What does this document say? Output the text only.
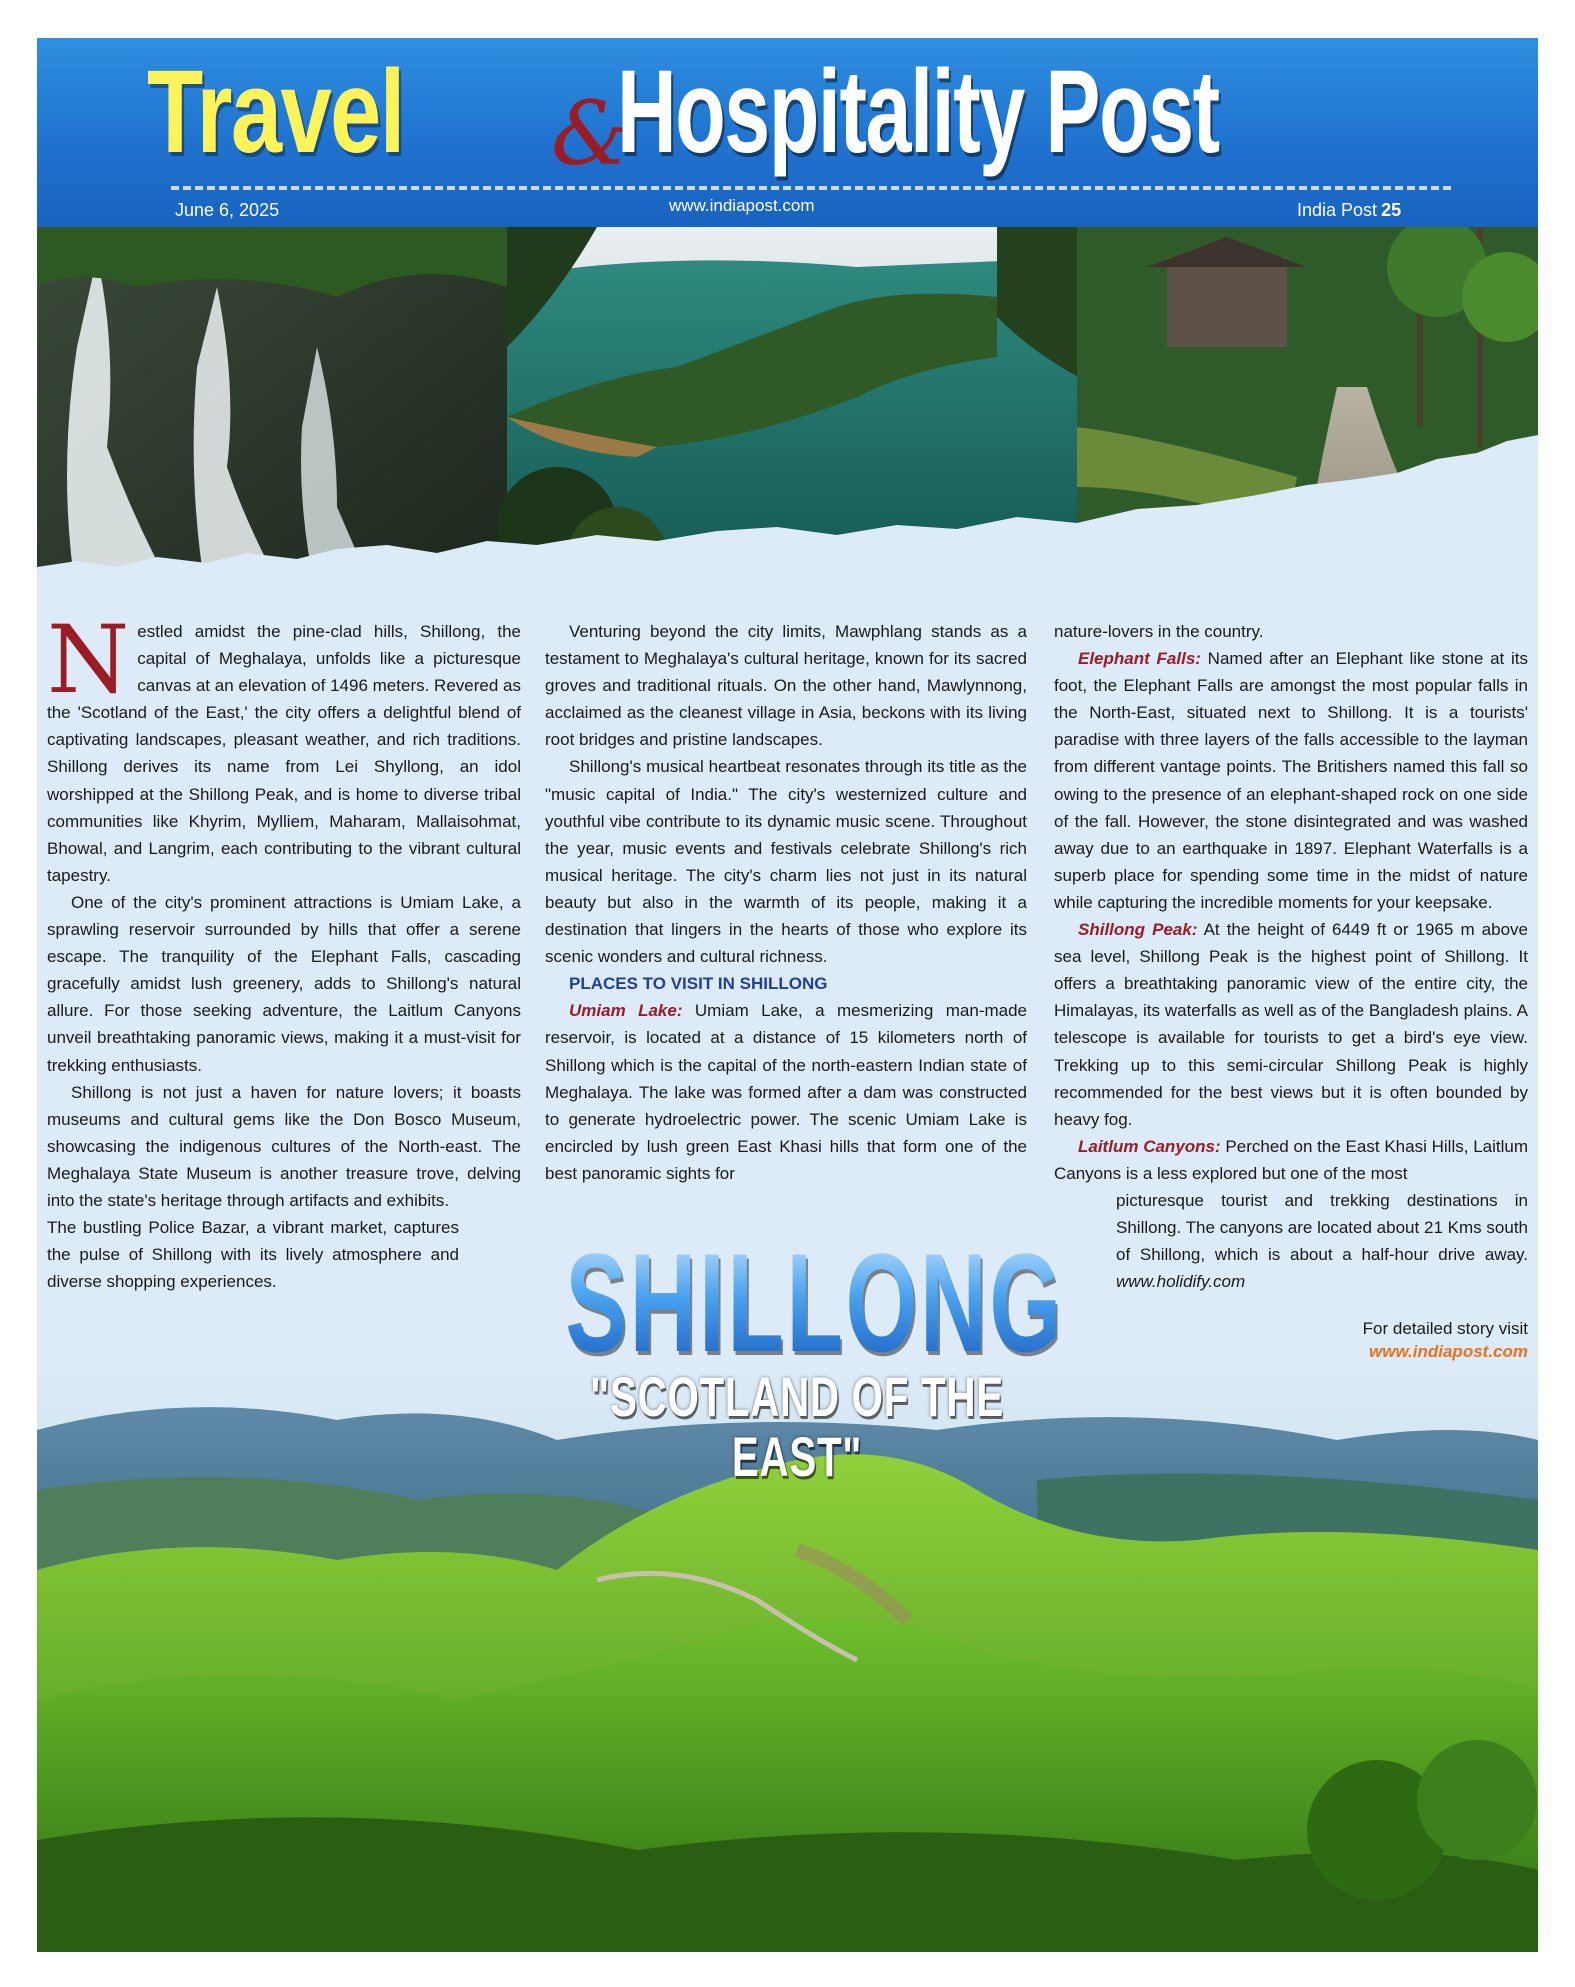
Travel &
Hospitality Post
June 6, 2025	www.indiapost.com	India Post 25

Nestled amidst the pine-clad hills, Shillong, the capital of Meghalaya, unfolds like a picturesque canvas at an elevation of 1496 meters. Revered as the 'Scotland of the East,' the city offers a delightful blend of captivating landscapes, pleasant weather, and rich traditions. Shillong derives its name from Lei Shyllong, an idol worshipped at the Shillong Peak, and is home to diverse tribal communities like Khyrim, Mylliem, Maharam, Mallaisohmat, Bhowal, and Langrim, each contributing to the vibrant cultural tapestry.

One of the city's prominent attractions is Umiam Lake, a sprawling reservoir surrounded by hills that offer a serene escape. The tranquility of the Elephant Falls, cascading gracefully amidst lush greenery, adds to Shillong's natural allure. For those seeking adventure, the Laitlum Canyons unveil breathtaking panoramic views, making it a must-visit for trekking enthusiasts.

Shillong is not just a haven for nature lovers; it boasts museums and cultural gems like the Don Bosco Museum, showcasing the indigenous cultures of the North-east. The Meghalaya State Museum is another treasure trove, delving into the state's heritage through artifacts and exhibits.

The bustling Police Bazar, a vibrant market, captures the pulse of Shillong with its lively atmosphere and diverse shopping experiences.

Venturing beyond the city limits, Mawphlang stands as a testament to Meghalaya's cultural heritage, known for its sacred groves and traditional rituals. On the other hand, Mawlynnong, acclaimed as the cleanest village in Asia, beckons with its living root bridges and pristine landscapes.

Shillong's musical heartbeat resonates through its title as the "music capital of India." The city's westernized culture and youthful vibe contribute to its dynamic music scene. Throughout the year, music events and festivals celebrate Shillong's rich musical heritage. The city's charm lies not just in its natural beauty but also in the warmth of its people, making it a destination that lingers in the hearts of those who explore its scenic wonders and cultural richness.

PLACES TO VISIT IN SHILLONG

Umiam Lake: Umiam Lake, a mesmerizing man-made reservoir, is located at a distance of 15 kilometers north of Shillong which is the capital of the north-eastern Indian state of Meghalaya. The lake was formed after a dam was constructed to generate hydroelectric power. The scenic Umiam Lake is encircled by lush green East Khasi hills that form one of the best panoramic sights for

nature-lovers in the country.

Elephant Falls: Named after an Elephant like stone at its foot, the Elephant Falls are amongst the most popular falls in the North-East, situated next to Shillong. It is a tourists' paradise with three layers of the falls accessible to the layman from different vantage points. The Britishers named this fall so owing to the presence of an elephant-shaped rock on one side of the fall. However, the stone disintegrated and was washed away due to an earthquake in 1897. Elephant Waterfalls is a superb place for spending some time in the midst of nature while capturing the incredible moments for your keepsake.

Shillong Peak: At the height of 6449 ft or 1965 m above sea level, Shillong Peak is the highest point of Shillong. It offers a breathtaking panoramic view of the entire city, the Himalayas, its waterfalls as well as of the Bangladesh plains. A telescope is available for tourists to get a bird's eye view. Trekking up to this semi-circular Shillong Peak is highly recommended for the best views but it is often bounded by heavy fog.

Laitlum Canyons: Perched on the East Khasi Hills, Laitlum Canyons is a less explored but one of the most

picturesque tourist and trekking destinations in Shillong. The canyons are located about 21 Kms south of Shillong, which is about a half-hour drive away. www.holidify.com

For detailed story visit
www.indiapost.com
SHILLONG
"SCOTLAND OF THE EAST"
